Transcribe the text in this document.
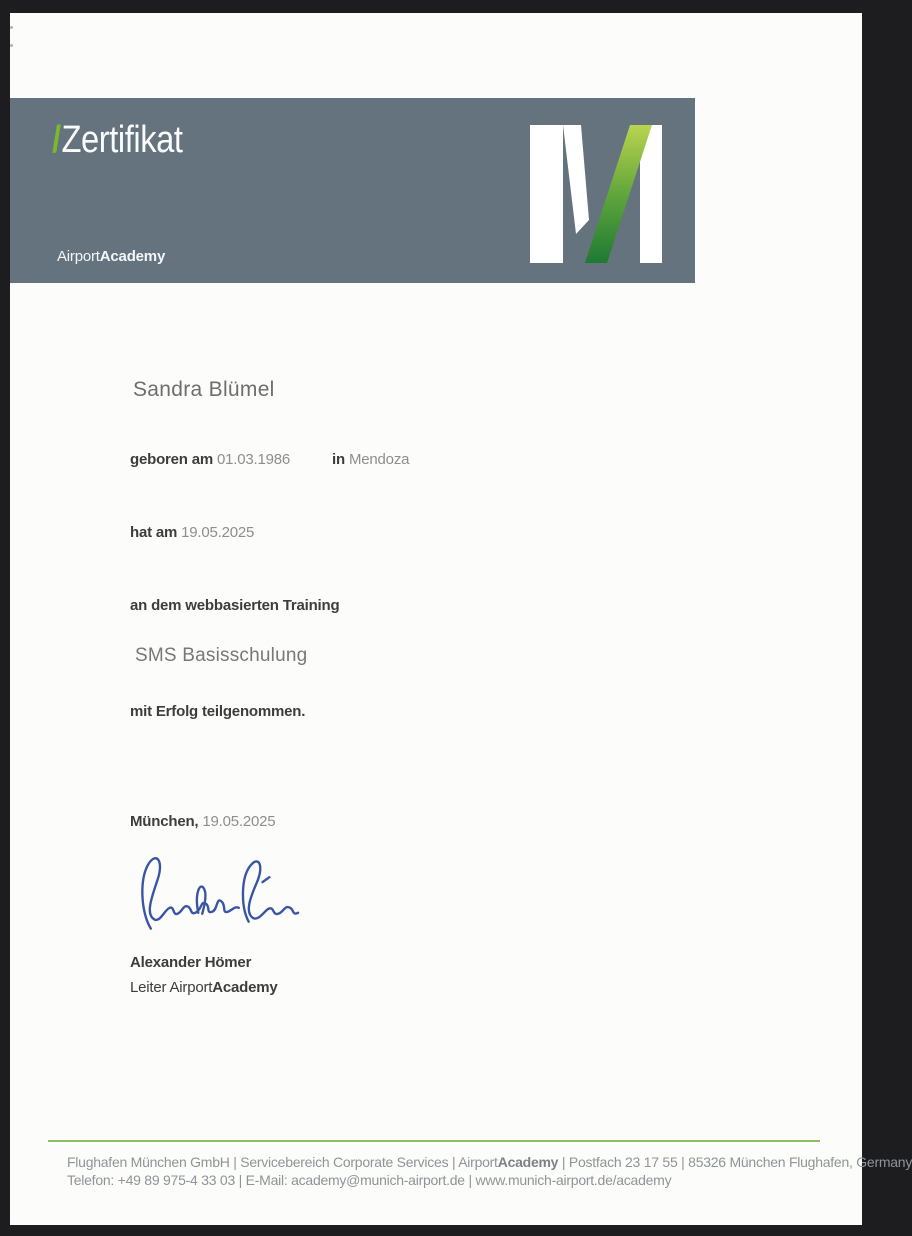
/Zertifikat
AirportAcademy
Sandra Blümel
geboren am 01.03.1986	in Mendoza
hat am 19.05.2025
an dem webbasierten Training
SMS Basisschulung
mit Erfolg teilgenommen.
München, 19.05.2025
Alexander Hömer
Leiter AirportAcademy
Flughafen München GmbH | Servicebereich Corporate Services | AirportAcademy | Postfach 23 17 55 | 85326 München Flughafen, Germany
Telefon: +49 89 975-4 33 03 | E-Mail: academy@munich-airport.de | www.munich-airport.de/academy
